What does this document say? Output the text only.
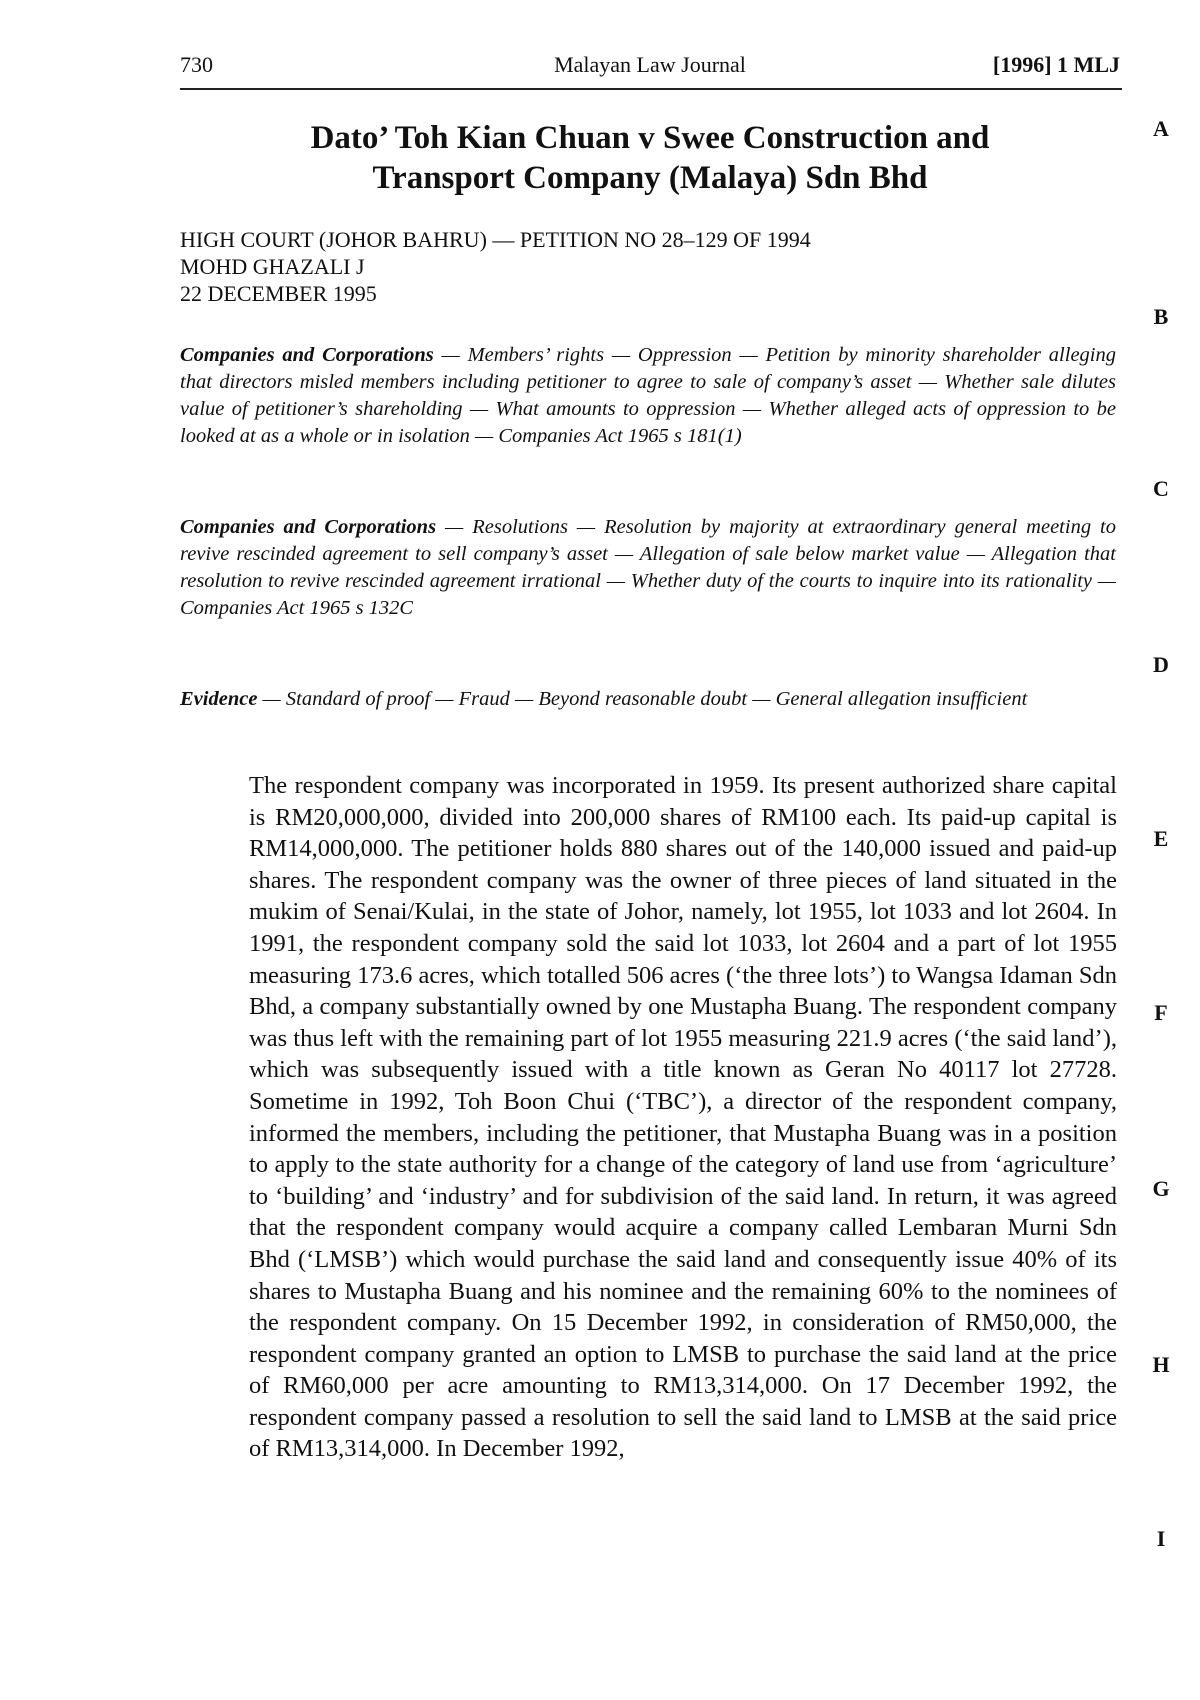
730	Malayan Law Journal	[1996] 1 MLJ
Dato’ Toh Kian Chuan v Swee Construction and
Transport Company (Malaya) Sdn Bhd
HIGH COURT (JOHOR BAHRU) — PETITION NO 28–129 OF 1994
MOHD GHAZALI J
22 DECEMBER 1995
Companies and Corporations — Members’ rights — Oppression — Petition by minority shareholder alleging that directors misled members including petitioner to agree to sale of company’s asset — Whether sale dilutes value of petitioner’s shareholding — What amounts to oppression — Whether alleged acts of oppression to be looked at as a whole or in isolation — Companies Act 1965 s 181(1)
Companies and Corporations — Resolutions — Resolution by majority at extraordinary general meeting to revive rescinded agreement to sell company’s asset — Allegation of sale below market value — Allegation that resolution to revive rescinded agreement irrational — Whether duty of the courts to inquire into its rationality — Companies Act 1965 s 132C
Evidence — Standard of proof — Fraud — Beyond reasonable doubt — General allegation insufficient
The respondent company was incorporated in 1959. Its present authorized share capital is RM20,000,000, divided into 200,000 shares of RM100 each. Its paid-up capital is RM14,000,000. The petitioner holds 880 shares out of the 140,000 issued and paid-up shares. The respondent company was the owner of three pieces of land situated in the mukim of Senai/Kulai, in the state of Johor, namely, lot 1955, lot 1033 and lot 2604. In 1991, the respondent company sold the said lot 1033, lot 2604 and a part of lot 1955 measuring 173.6 acres, which totalled 506 acres (‘the three lots’) to Wangsa Idaman Sdn Bhd, a company substantially owned by one Mustapha Buang. The respondent company was thus left with the remaining part of lot 1955 measuring 221.9 acres (‘the said land’), which was subsequently issued with a title known as Geran No 40117 lot 27728. Sometime in 1992, Toh Boon Chui (‘TBC’), a director of the respondent company, informed the members, including the petitioner, that Mustapha Buang was in a position to apply to the state authority for a change of the category of land use from ‘agriculture’ to ‘building’ and ‘industry’ and for subdivision of the said land. In return, it was agreed that the respondent company would acquire a company called Lembaran Murni Sdn Bhd (‘LMSB’) which would purchase the said land and consequently issue 40% of its shares to Mustapha Buang and his nominee and the remaining 60% to the nominees of the respondent company. On 15 December 1992, in consideration of RM50,000, the respondent company granted an option to LMSB to purchase the said land at the price of RM60,000 per acre amounting to RM13,314,000. On 17 December 1992, the respondent company passed a resolution to sell the said land to LMSB at the said price of RM13,314,000. In December 1992,
A
B
C
D
E
F
G
H
I
